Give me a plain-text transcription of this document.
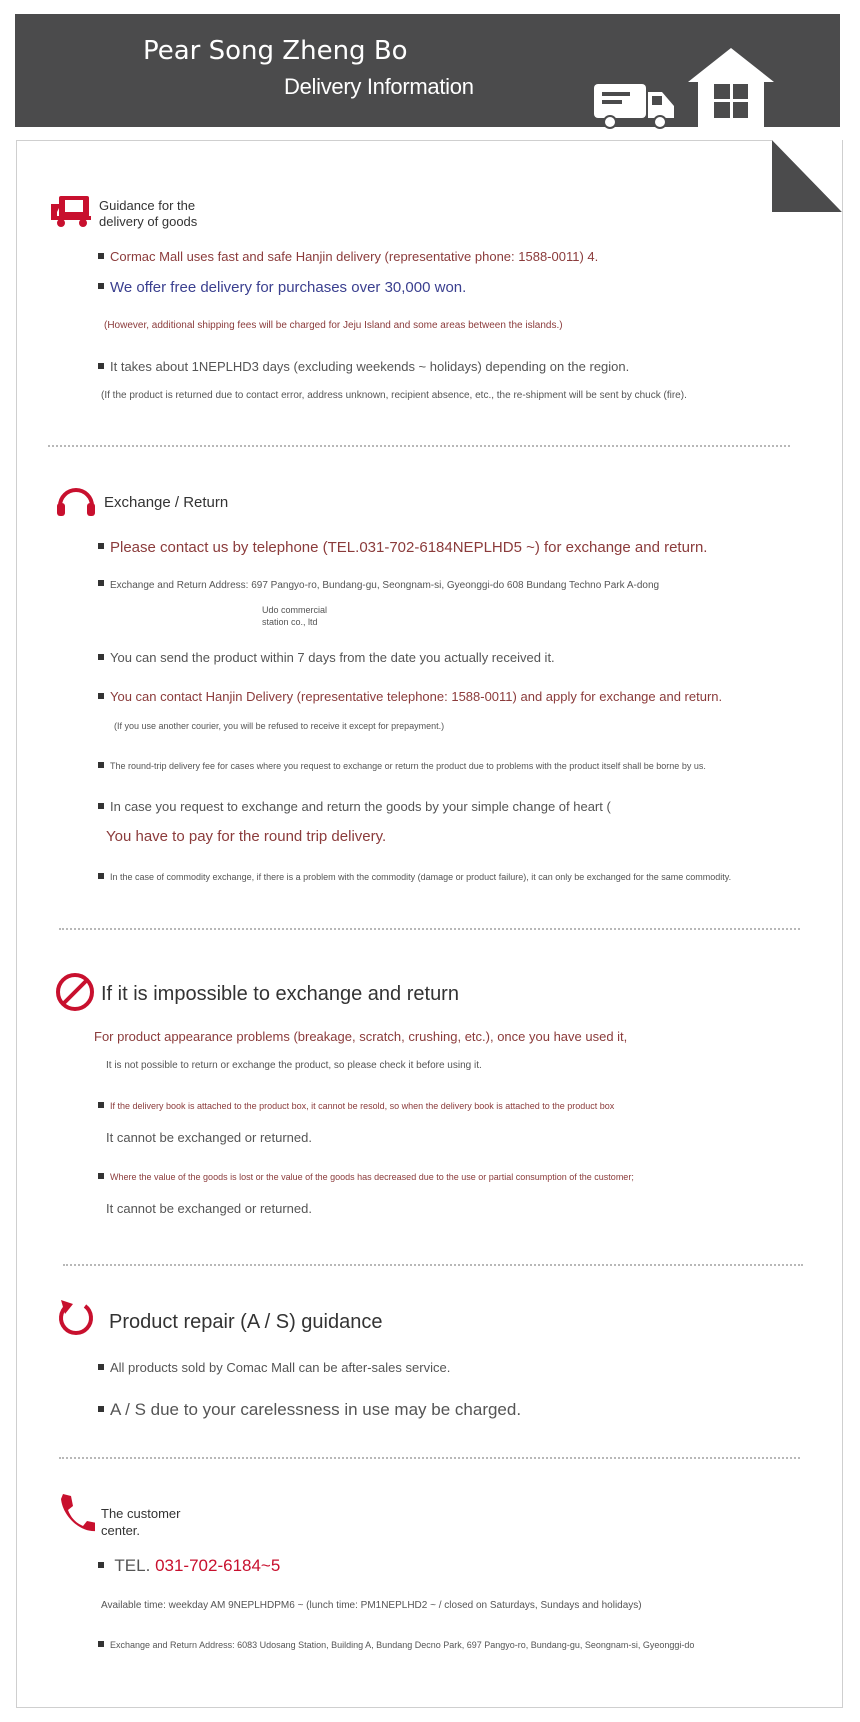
Pear Song Zheng Bo
Delivery Information
Guidance for the
delivery of goods
Cormac Mall uses fast and safe Hanjin delivery (representative phone: 1588-0011) 4.
We offer free delivery for purchases over 30,000 won.
(However, additional shipping fees will be charged for Jeju Island and some areas between the islands.)
It takes about 1NEPLHD3 days (excluding weekends ~ holidays) depending on the region.
(If the product is returned due to contact error, address unknown, recipient absence, etc., the re-shipment will be sent by chuck (fire).
Exchange / Return
Please contact us by telephone (TEL.031-702-6184NEPLHD5 ~) for exchange and return.
Exchange and Return Address: 697 Pangyo-ro, Bundang-gu, Seongnam-si, Gyeonggi-do 608 Bundang Techno Park A-dong
Udo commercial
station co., ltd
You can send the product within 7 days from the date you actually received it.
You can contact Hanjin Delivery (representative telephone: 1588-0011) and apply for exchange and return.
(If you use another courier, you will be refused to receive it except for prepayment.)
The round-trip delivery fee for cases where you request to exchange or return the product due to problems with the product itself shall be borne by us.
In case you request to exchange and return the goods by your simple change of heart (
You have to pay for the round trip delivery.
In the case of commodity exchange, if there is a problem with the commodity (damage or product failure), it can only be exchanged for the same commodity.
If it is impossible to exchange and return
For product appearance problems (breakage, scratch, crushing, etc.), once you have used it,
It is not possible to return or exchange the product, so please check it before using it.
If the delivery book is attached to the product box, it cannot be resold, so when the delivery book is attached to the product box
It cannot be exchanged or returned.
Where the value of the goods is lost or the value of the goods has decreased due to the use or partial consumption of the customer;
It cannot be exchanged or returned.
Product repair (A / S) guidance
All products sold by Comac Mall can be after-sales service.
A / S due to your carelessness in use may be charged.
The customer
center.
TEL. 031-702-6184~5
Available time: weekday AM 9NEPLHDPM6 ~ (lunch time: PM1NEPLHD2 ~ / closed on Saturdays, Sundays and holidays)
Exchange and Return Address: 6083 Udosang Station, Building A, Bundang Decno Park, 697 Pangyo-ro, Bundang-gu, Seongnam-si, Gyeonggi-do
